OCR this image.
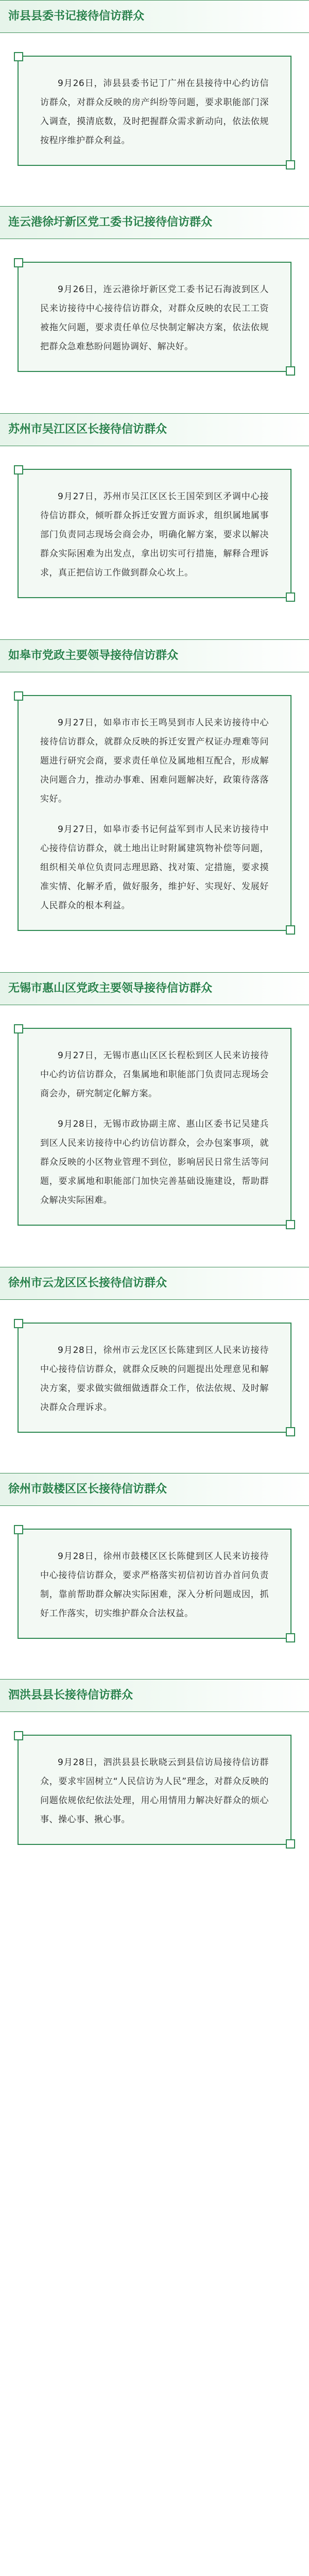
沛县县委书记接待信访群众

9月26日，沛县县委书记丁广州在县接待中心约访信访群众，对群众反映的房产纠纷等问题，要求职能部门深入调查，摸清底数，及时把握群众需求新动向，依法依规按程序维护群众利益。

连云港徐圩新区党工委书记接待信访群众

9月26日，连云港徐圩新区党工委书记石海波到区人民来访接待中心接待信访群众，对群众反映的农民工工资被拖欠问题，要求责任单位尽快制定解决方案，依法依规把群众急难愁盼问题协调好、解决好。

苏州市吴江区区长接待信访群众

9月27日，苏州市吴江区区长王国荣到区矛调中心接待信访群众，倾听群众拆迁安置方面诉求，组织属地属事部门负责同志现场会商会办，明确化解方案，要求以解决群众实际困难为出发点，拿出切实可行措施，解释合理诉求，真正把信访工作做到群众心坎上。

如皋市党政主要领导接待信访群众

9月27日，如皋市市长王鸣昊到市人民来访接待中心接待信访群众，就群众反映的拆迁安置产权证办理难等问题进行研究会商，要求责任单位及属地相互配合，形成解决问题合力，推动办事难、困难问题解决好，政策待落落实好。

9月27日，如皋市委书记何益军到市人民来访接待中心接待信访群众，就土地出让时附属建筑物补偿等问题，组织相关单位负责同志理思路、找对策、定措施，要求摸准实情、化解矛盾，做好服务，维护好、实现好、发展好人民群众的根本利益。

无锡市惠山区党政主要领导接待信访群众

9月27日，无锡市惠山区区长程松到区人民来访接待中心约访信访群众，召集属地和职能部门负责同志现场会商会办，研究制定化解方案。

9月28日，无锡市政协副主席、惠山区委书记吴建兵到区人民来访接待中心约访信访群众，会办包案事项，就群众反映的小区物业管理不到位，影响居民日常生活等问题，要求属地和职能部门加快完善基础设施建设，帮助群众解决实际困难。

徐州市云龙区区长接待信访群众

9月28日，徐州市云龙区区长陈建到区人民来访接待中心接待信访群众，就群众反映的问题提出处理意见和解决方案，要求做实做细做透群众工作，依法依规、及时解决群众合理诉求。

徐州市鼓楼区区长接待信访群众

9月28日，徐州市鼓楼区区长陈健到区人民来访接待中心接待信访群众，要求严格落实初信初访首办首问负责制，靠前帮助群众解决实际困难，深入分析问题成因，抓好工作落实，切实维护群众合法权益。

泗洪县县长接待信访群众

9月28日，泗洪县县长耿晓云到县信访局接待信访群众，要求牢固树立“人民信访为人民”理念，对群众反映的问题依规依纪依法处理，用心用情用力解决好群众的烦心事、操心事、揪心事。
